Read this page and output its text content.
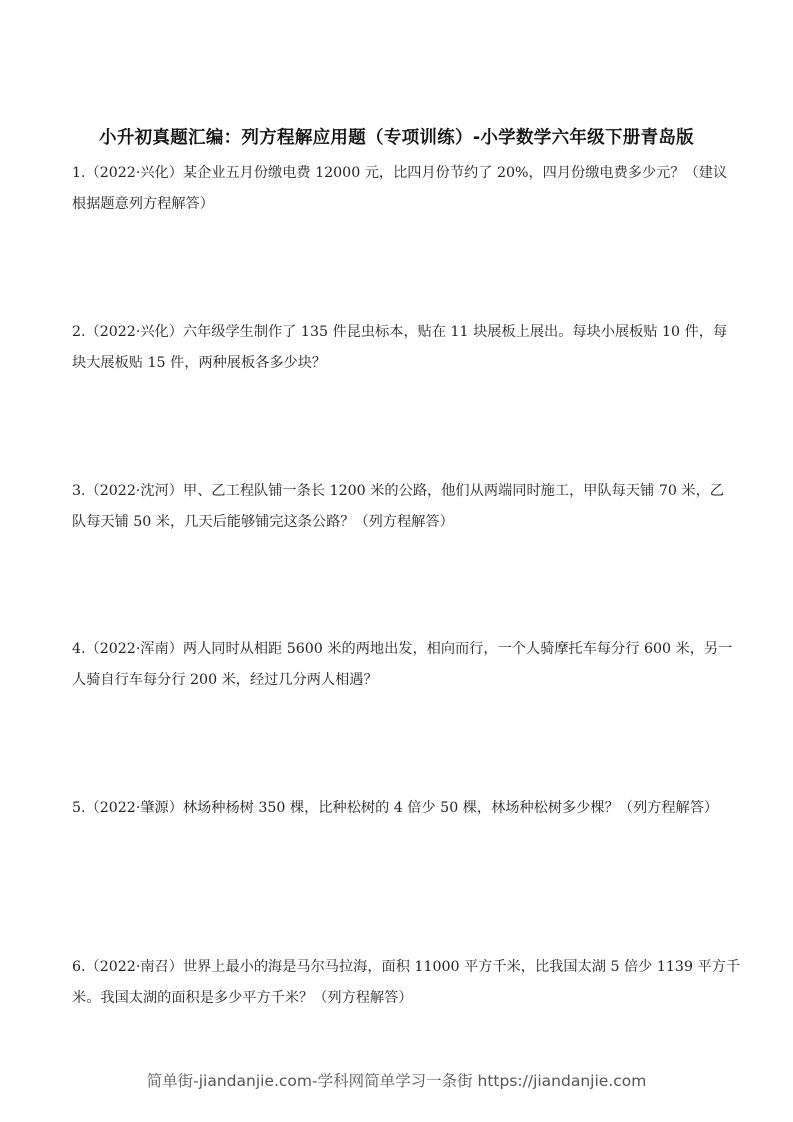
小升初真题汇编：列方程解应用题（专项训练）-小学数学六年级下册青岛版
1.（2022·兴化）某企业五月份缴电费 12000 元，比四月份节约了 20%，四月份缴电费多少元？（建议
根据题意列方程解答）
2.（2022·兴化）六年级学生制作了 135 件昆虫标本，贴在 11 块展板上展出。每块小展板贴 10 件，每
块大展板贴 15 件，两种展板各多少块？
3.（2022·沈河）甲、乙工程队铺一条长 1200 米的公路，他们从两端同时施工，甲队每天铺 70 米，乙
队每天铺 50 米，几天后能够铺完这条公路？（列方程解答）
4.（2022·浑南）两人同时从相距 5600 米的两地出发，相向而行，一个人骑摩托车每分行 600 米，另一
人骑自行车每分行 200 米，经过几分两人相遇？
5.（2022·肇源）林场种杨树 350 棵，比种松树的 4 倍少 50 棵，林场种松树多少棵？（列方程解答）
6.（2022·南召）世界上最小的海是马尔马拉海，面积 11000 平方千米，比我国太湖 5 倍少 1139 平方千
米。我国太湖的面积是多少平方千米？（列方程解答）
简单街-jiandanjie.com-学科网简单学习一条街 https://jiandanjie.com
